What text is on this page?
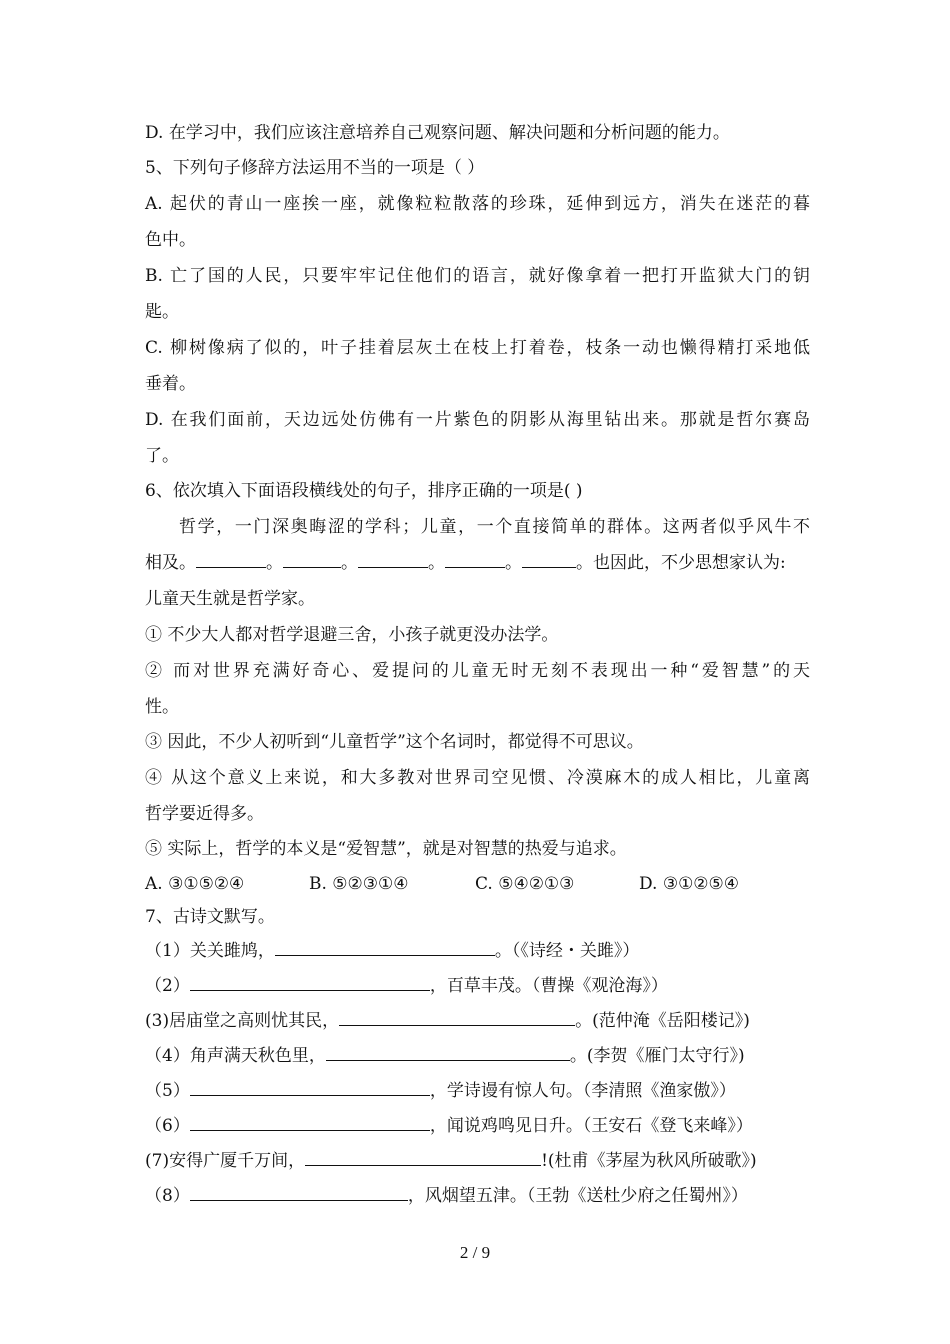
D. 在学习中，我们应该注意培养自己观察问题、解决问题和分析问题的能力。
5、下列句子修辞方法运用不当的一项是（ ）
A. 起伏的青山一座挨一座，就像粒粒散落的珍珠，延伸到远方，消失在迷茫的暮
色中。
B. 亡了国的人民，只要牢牢记住他们的语言，就好像拿着一把打开监狱大门的钥
匙。
C. 柳树像病了似的，叶子挂着层灰土在枝上打着卷，枝条一动也懒得精打采地低
垂着。
D. 在我们面前，天边远处仿佛有一片紫色的阴影从海里钻出来。那就是哲尔赛岛
了。
6、依次填入下面语段横线处的句子，排序正确的一项是( )
哲学，一门深奥晦涩的学科；儿童，一个直接简单的群体。这两者似乎风牛不
相及。	。	。	。	。	。也因此，不少思想家认为:
儿童天生就是哲学家。
① 不少大人都对哲学退避三舍，小孩子就更没办法学。
② 而对世界充满好奇心、爱提问的儿童无时无刻不表现出一种“爱智慧”的天
性。
③ 因此，不少人初听到“儿童哲学”这个名词时，都觉得不可思议。
④ 从这个意义上来说，和大多教对世界司空见惯、冷漠麻木的成人相比，儿童离
哲学要近得多。
⑤ 实际上，哲学的本义是“爱智慧”，就是对智慧的热爱与追求。
A. ③①⑤②④	B. ⑤②③①④	C. ⑤④②①③	D. ③①②⑤④
7、古诗文默写。
（1）关关雎鸠，	。（《诗经・关雎》）
（2）	，百草丰茂。（曹操《观沧海》）
(3)居庙堂之高则忧其民，	。(范仲淹《岳阳楼记》)
（4）角声满天秋色里，	。(李贺《雁门太守行》)
（5）	，学诗谩有惊人句。（李清照《渔家傲》）
（6）	，闻说鸡鸣见日升。（王安石《登飞来峰》）
(7)安得广厦千万间，	!(杜甫《茅屋为秋风所破歌》)
（8）	，风烟望五津。（王勃《送杜少府之任蜀州》）
2 / 9
